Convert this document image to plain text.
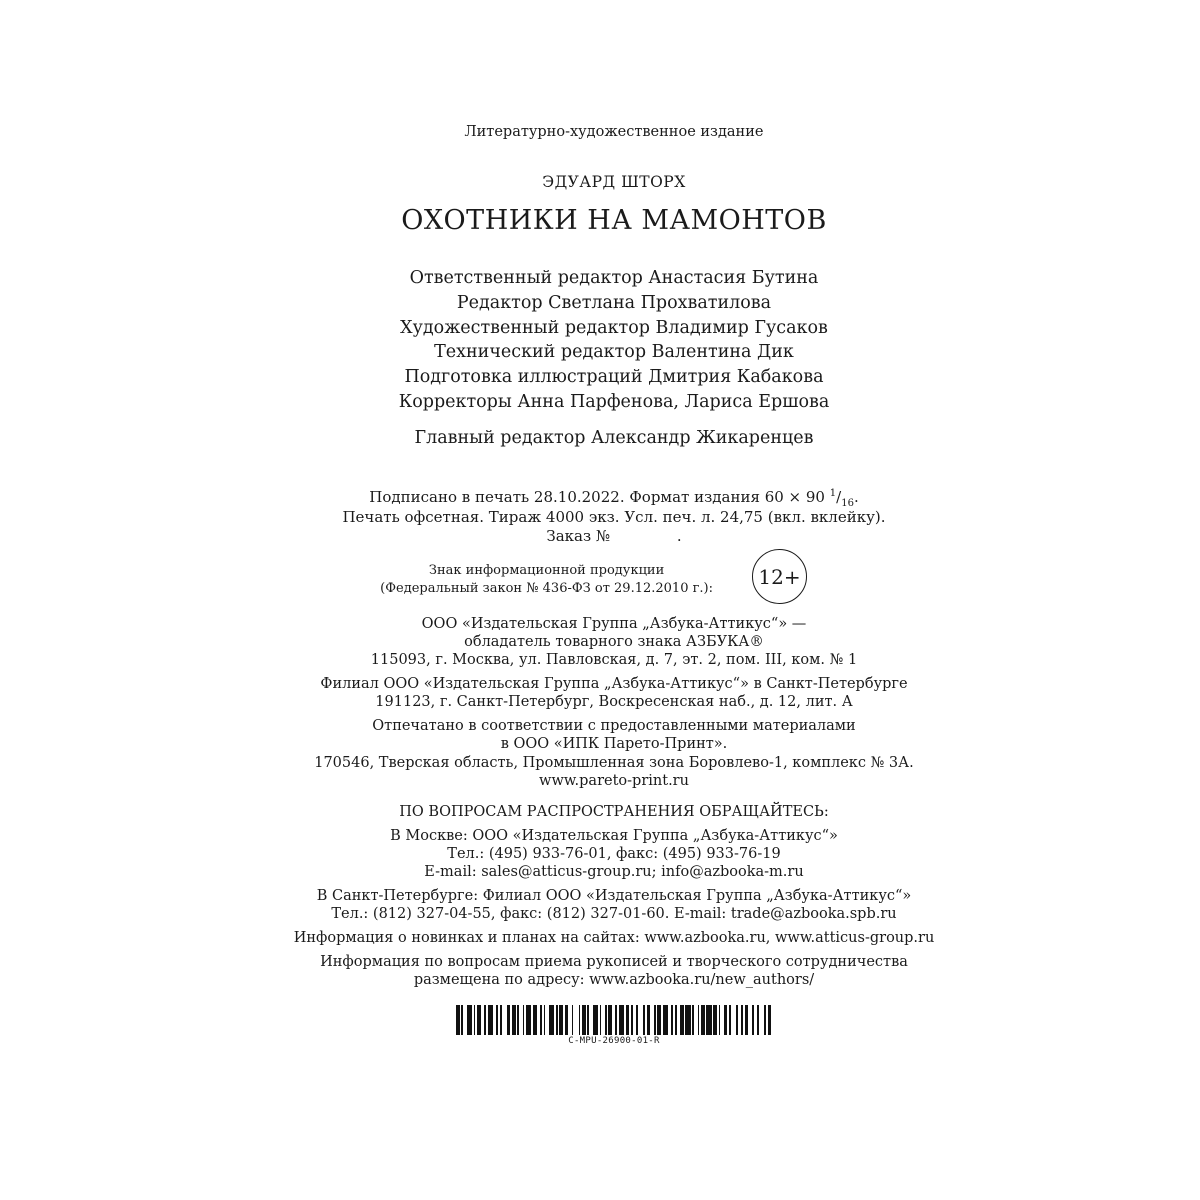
Литературно-художественное издание
ЭДУАРД ШТОРХ
ОХОТНИКИ НА МАМОНТОВ
Ответственный редактор Анастасия Бутина
Редактор Светлана Прохватилова
Художественный редактор Владимир Гусаков
Технический редактор Валентина Дик
Подготовка иллюстраций Дмитрия Кабакова
Корректоры Анна Парфенова, Лариса Ершова
Главный редактор Александр Жикаренцев
Подписано в печать 28.10.2022. Формат издания 60 × 90 $^1/_{16}$.
Печать офсетная. Тираж 4000 экз. Усл. печ. л. 24,75 (вкл. вклейку).
Заказ №	.
Знак информационной продукции
(Федеральный закон № 436-ФЗ от 29.12.2010 г.):	12+
ООО «Издательская Группа „Азбука-Аттикус“» —
обладатель товарного знака АЗБУКА®
115093, г. Москва, ул. Павловская, д. 7, эт. 2, пом. III, ком. № 1
Филиал ООО «Издательская Группа „Азбука-Аттикус“» в Санкт-Петербурге
191123, г. Санкт-Петербург, Воскресенская наб., д. 12, лит. А
Отпечатано в соответствии с предоставленными материалами
в ООО «ИПК Парето-Принт».
170546, Тверская область, Промышленная зона Боровлево-1, комплекс № 3А.
www.pareto-print.ru
ПО ВОПРОСАМ РАСПРОСТРАНЕНИЯ ОБРАЩАЙТЕСЬ:
В Москве: ООО «Издательская Группа „Азбука-Аттикус“»
Тел.: (495) 933-76-01, факс: (495) 933-76-19
E-mail: sales@atticus-group.ru; info@azbooka-m.ru
В Санкт-Петербурге: Филиал ООО «Издательская Группа „Азбука-Аттикус“»
Тел.: (812) 327-04-55, факс: (812) 327-01-60. E-mail: trade@azbooka.spb.ru
Информация о новинках и планах на сайтах: www.azbooka.ru, www.atticus-group.ru
Информация по вопросам приема рукописей и творческого сотрудничества
размещена по адресу: www.azbooka.ru/new_authors/
C-MPU-26900-01-R
